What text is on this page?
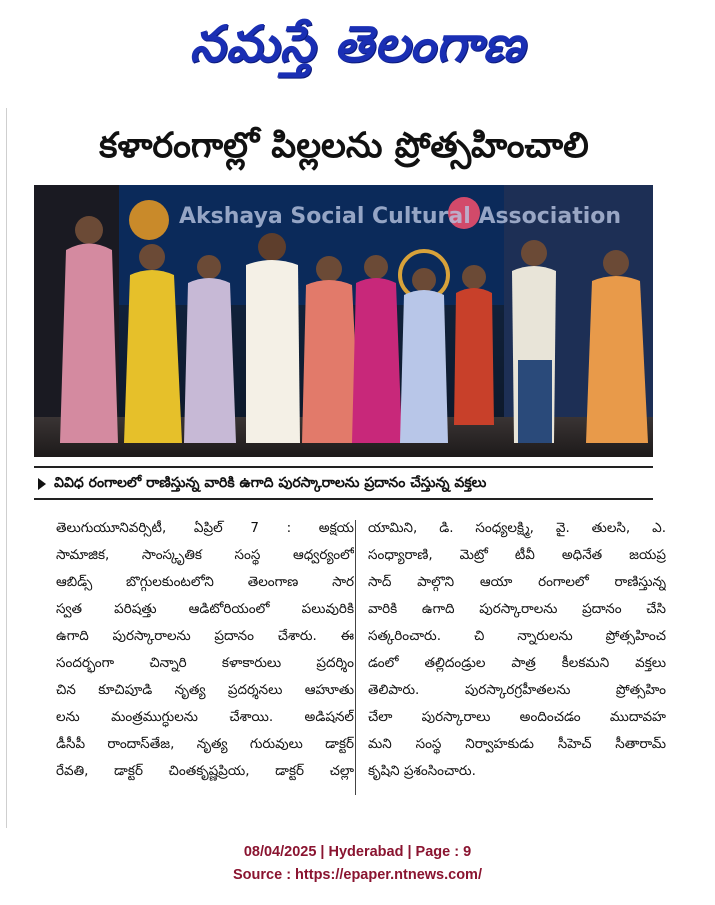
నమస్తే తెలంగాణ
కళారంగాల్లో పిల్లలను ప్రోత్సహించాలి
Akshaya Social Cultural Association
వివిధ రంగాలలో రాణిస్తున్న వారికి ఉగాది పురస్కారాలను ప్రదానం చేస్తున్న వక్తలు
తెలుగుయూనివర్సిటీ, ఏప్రిల్ 7 : అక్షయ
సామాజిక, సాంస్కృతిక సంస్థ ఆధ్వర్యంలో
ఆబిడ్స్ బొగ్గులకుంటలోని తెలంగాణ సార
స్వత పరిషత్తు ఆడిటోరియంలో పలువురికి
ఉగాది పురస్కారాలను ప్రదానం చేశారు. ఈ
సందర్భంగా చిన్నారి కళాకారులు ప్రదర్శిం
చిన కూచిపూడి నృత్య ప్రదర్శనలు ఆహూతు
లను మంత్రముగ్ధులను చేశాయి. అడిషనల్
డీసీపీ రాందాస్‌తేజ, నృత్య గురువులు డాక్టర్
రేవతి, డాక్టర్ చింతకృష్ణప్రియ, డాక్టర్ చల్లా
యామిని, డి. సంధ్యలక్ష్మి, వై. తులసి, ఎ.
సంధ్యారాణి, మెట్రో టీవీ అధినేత జయప్ర
సాద్ పాల్గొని ఆయా రంగాలలో రాణిస్తున్న
వారికి ఉగాది పురస్కారాలను ప్రదానం చేసి
సత్కరించారు. చి న్నారులను ప్రోత్సహించ
డంలో తల్లిదండ్రుల పాత్ర కీలకమని వక్తలు
తెలిపారు. పురస్కారగ్రహీతలను ప్రోత్సహిం
చేలా పురస్కారాలు అందించడం ముదావహ
మని సంస్థ నిర్వాహకుడు సీహెచ్ సీతారామ్
కృషిని ప్రశంసించారు.
08/04/2025 | Hyderabad | Page : 9
Source : https://epaper.ntnews.com/
